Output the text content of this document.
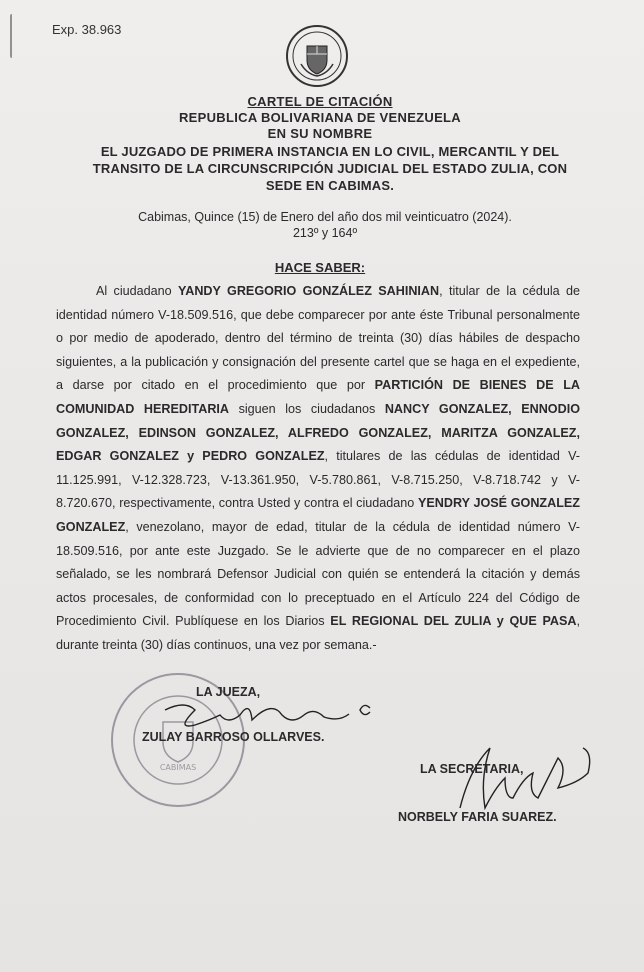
Exp. 38.963
CARTEL DE CITACIÓN
REPUBLICA BOLIVARIANA DE VENEZUELA
EN SU NOMBRE
EL JUZGADO DE PRIMERA INSTANCIA EN LO CIVIL, MERCANTIL Y DEL TRANSITO DE LA CIRCUNSCRIPCIÓN JUDICIAL DEL ESTADO ZULIA, CON SEDE EN CABIMAS.
Cabimas, Quince (15) de Enero del año dos mil veinticuatro (2024).
213º y 164º
HACE SABER:

Al ciudadano YANDY GREGORIO GONZÁLEZ SAHINIAN, titular de la cédula de identidad número V-18.509.516, que debe comparecer por ante éste Tribunal personalmente o por medio de apoderado, dentro del término de treinta (30) días hábiles de despacho siguientes, a la publicación y consignación del presente cartel que se haga en el expediente, a darse por citado en el procedimiento que por PARTICIÓN DE BIENES DE LA COMUNIDAD HEREDITARIA siguen los ciudadanos NANCY GONZALEZ, ENNODIO GONZALEZ, EDINSON GONZALEZ, ALFREDO GONZALEZ, MARITZA GONZALEZ, EDGAR GONZALEZ y PEDRO GONZALEZ, titulares de las cédulas de identidad V-11.125.991, V-12.328.723, V-13.361.950, V-5.780.861, V-8.715.250, V-8.718.742 y V-8.720.670, respectivamente, contra Usted y contra el ciudadano YENDRY JOSÉ GONZALEZ GONZALEZ, venezolano, mayor de edad, titular de la cédula de identidad número V-18.509.516, por ante este Juzgado. Se le advierte que de no comparecer en el plazo señalado, se les nombrará Defensor Judicial con quién se entenderá la citación y demás actos procesales, de conformidad con lo preceptuado en el Artículo 224 del Código de Procedimiento Civil. Publíquese en los Diarios EL REGIONAL DEL ZULIA y QUE PASA, durante treinta (30) días continuos, una vez por semana.-

CABIMAS
LA JUEZA,
ZULAY BARROSO OLLARVES.
LA SECRETARIA,
NORBELY FARIA SUAREZ.
